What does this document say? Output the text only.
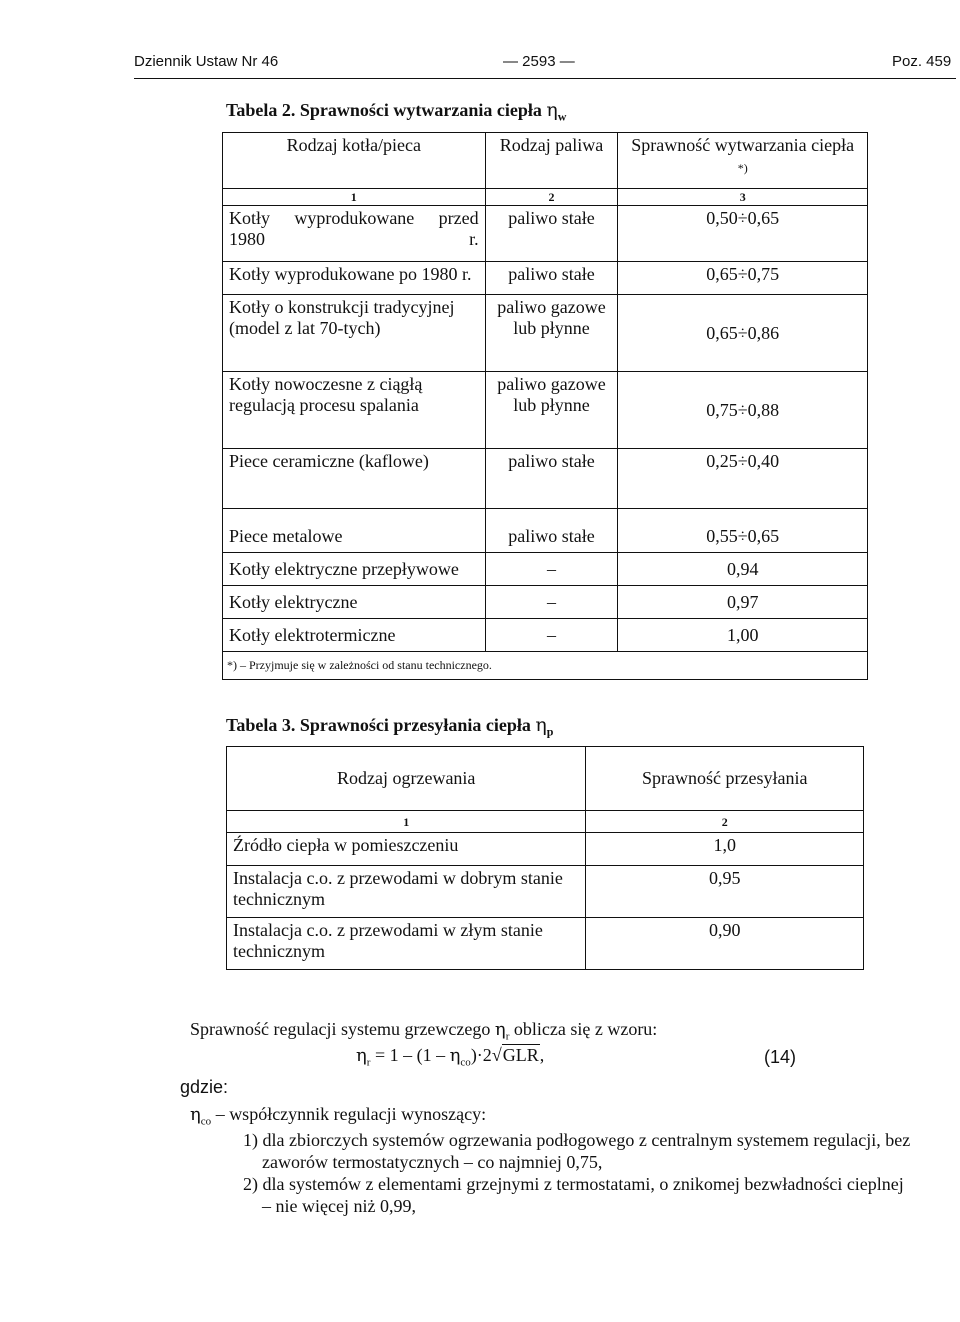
Dziennik Ustaw Nr 46	— 2593 —	Poz. 459
Tabela 2. Sprawności wytwarzania ciepła $\eta_w$
Rodzaj kotła/pieca	Rodzaj paliwa	Sprawność wytwarzania ciepła *)
1	2	3
Kotły wyprodukowane przed 1980 r.	paliwo stałe	0,50÷0,65
Kotły wyprodukowane po 1980 r.	paliwo stałe	0,65÷0,75
Kotły o konstrukcji tradycyjnej (model z lat 70-tych)	paliwo gazowe lub płynne	0,65÷0,86
Kotły nowoczesne z ciągłą regulacją procesu spalania	paliwo gazowe lub płynne	0,75÷0,88
Piece ceramiczne (kaflowe)	paliwo stałe	0,25÷0,40
Piece metalowe	paliwo stałe	0,55÷0,65
Kotły elektryczne przepływowe	–	0,94
Kotły elektryczne	–	0,97
Kotły elektrotermiczne	–	1,00
*) – Przyjmuje się w zależności od stanu technicznego.		
Tabela 3. Sprawności przesyłania ciepła $\eta_p$
Rodzaj ogrzewania	Sprawność przesyłania
1	2
Źródło ciepła w pomieszczeniu	1,0
Instalacja c.o. z przewodami w dobrym stanie technicznym	0,95
Instalacja c.o. z przewodami w złym stanie technicznym	0,90
Sprawność regulacji systemu grzewczego $\eta_r$ oblicza się z wzoru:
$\eta_r = 1 - (1 - \eta_{co})\cdot 2√GLR$,	(14)
gdzie:
$\eta_{co}$ – współczynnik regulacji wynoszący:
1) dla zbiorczych systemów ogrzewania podłogowego z centralnym systemem regulacji, bez
zaworów termostatycznych – co najmniej 0,75,
2) dla systemów z elementami grzejnymi z termostatami, o znikomej bezwładności cieplnej
– nie więcej niż 0,99,
